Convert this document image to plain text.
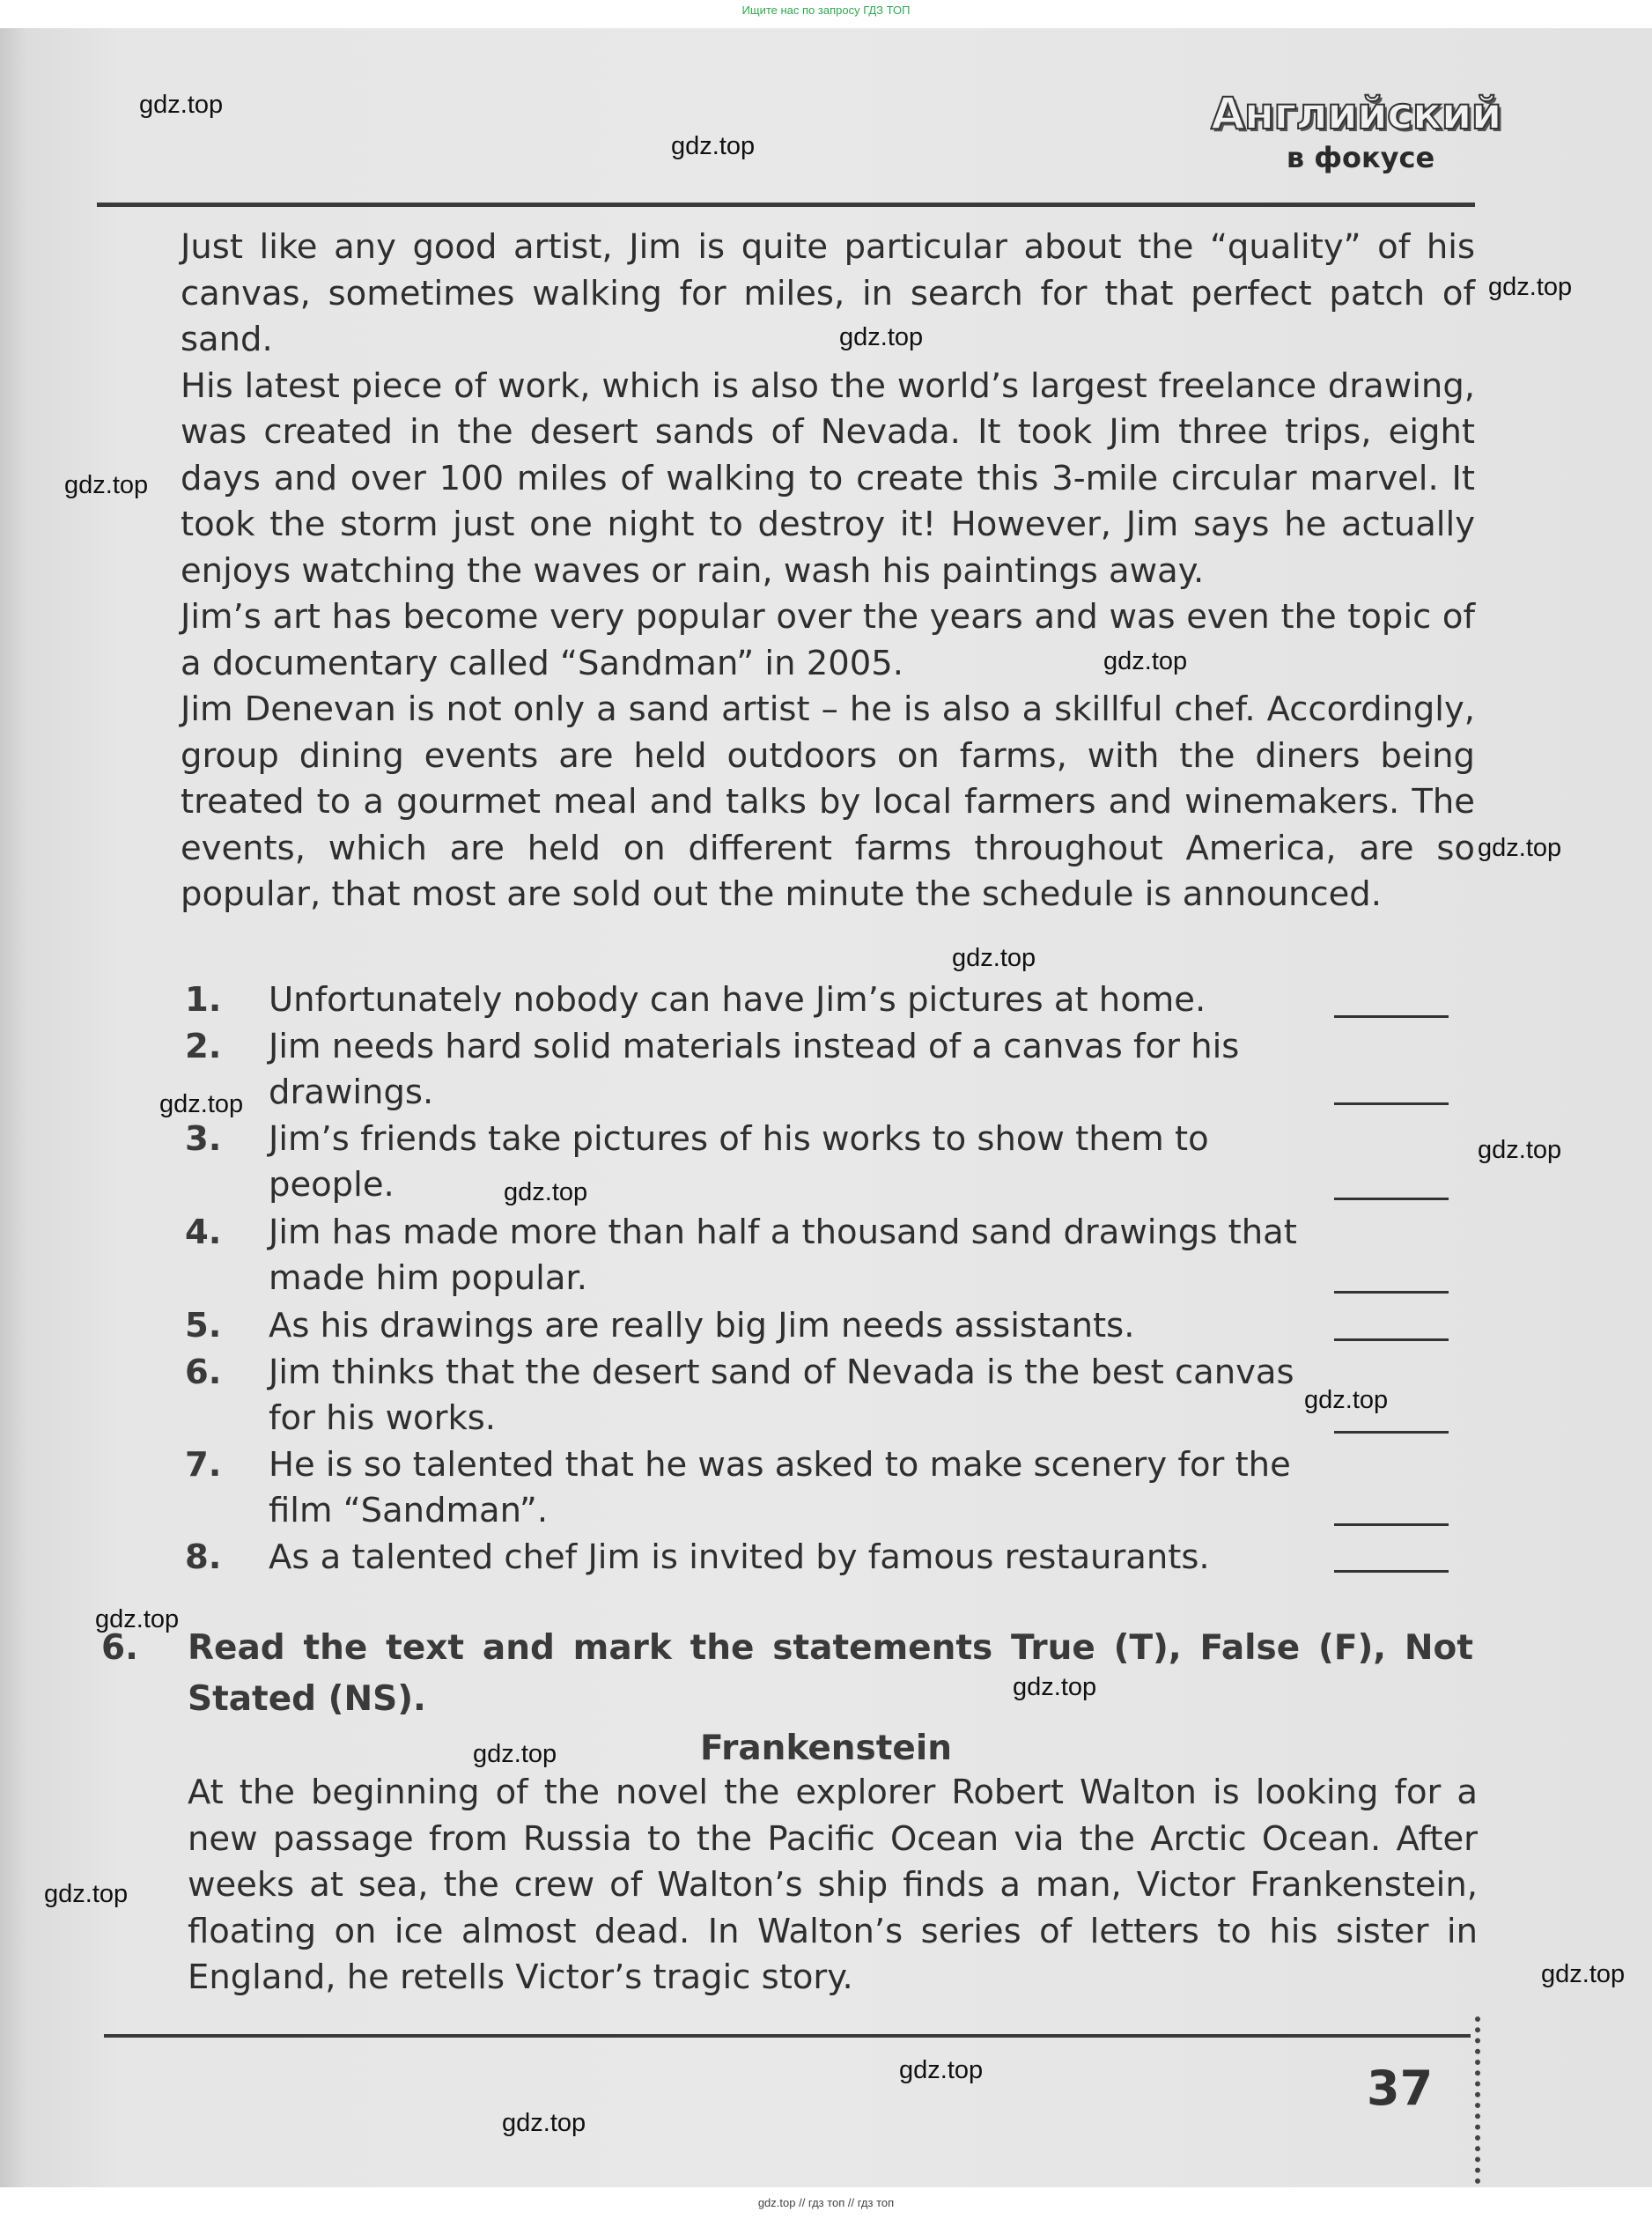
Ищите нас по запросу ГДЗ ТОП
Английский
в фокусе

Just like any good artist, Jim is quite particular about the “quality” of his canvas, sometimes walking for miles, in search for that perfect patch of sand.

His latest piece of work, which is also the world’s largest freelance drawing, was created in the desert sands of Nevada. It took Jim three trips, eight days and over 100 miles of walking to create this 3-mile circular marvel. It took the storm just one night to destroy it! However, Jim says he actually enjoys watching the waves or rain, wash his paintings away.

Jim’s art has become very popular over the years and was even the topic of a documentary called “Sandman” in 2005.

Jim Denevan is not only a sand artist – he is also a skillful chef. Accordingly, group dining events are held outdoors on farms, with the diners being treated to a gourmet meal and talks by local farmers and winemakers. The events, which are held on different farms throughout America, are so popular, that most are sold out the minute the schedule is announced.

1.	Unfortunately nobody can have Jim’s pictures at home.
2.	Jim needs hard solid materials instead of a canvas for his drawings.
3.	Jim’s friends take pictures of his works to show them to people.
4.	Jim has made more than half a thousand sand drawings that made him popular.
5.	As his drawings are really big Jim needs assistants.
6.	Jim thinks that the desert sand of Nevada is the best canvas for his works.
7.	He is so talented that he was asked to make scenery for the film “Sandman”.
8.	As a talented chef Jim is invited by famous restaurants.
6. Read the text and mark the statements True (T), False (F), Not Stated (NS).
Frankenstein
At the beginning of the novel the explorer Robert Walton is looking for a new passage from Russia to the Pacific Ocean via the Arctic Ocean. After weeks at sea, the crew of Walton’s ship finds a man, Victor Frankenstein, floating on ice almost dead. In Walton’s series of letters to his sister in England, he retells Victor’s tragic story.
37
gdz.top
gdz.top
gdz.top
gdz.top
gdz.top
gdz.top
gdz.top
gdz.top
gdz.top
gdz.top
gdz.top
gdz.top
gdz.top
gdz.top
gdz.top
gdz.top
gdz.top
gdz.top
gdz.top
gdz.top // гдз топ // гдз топ
